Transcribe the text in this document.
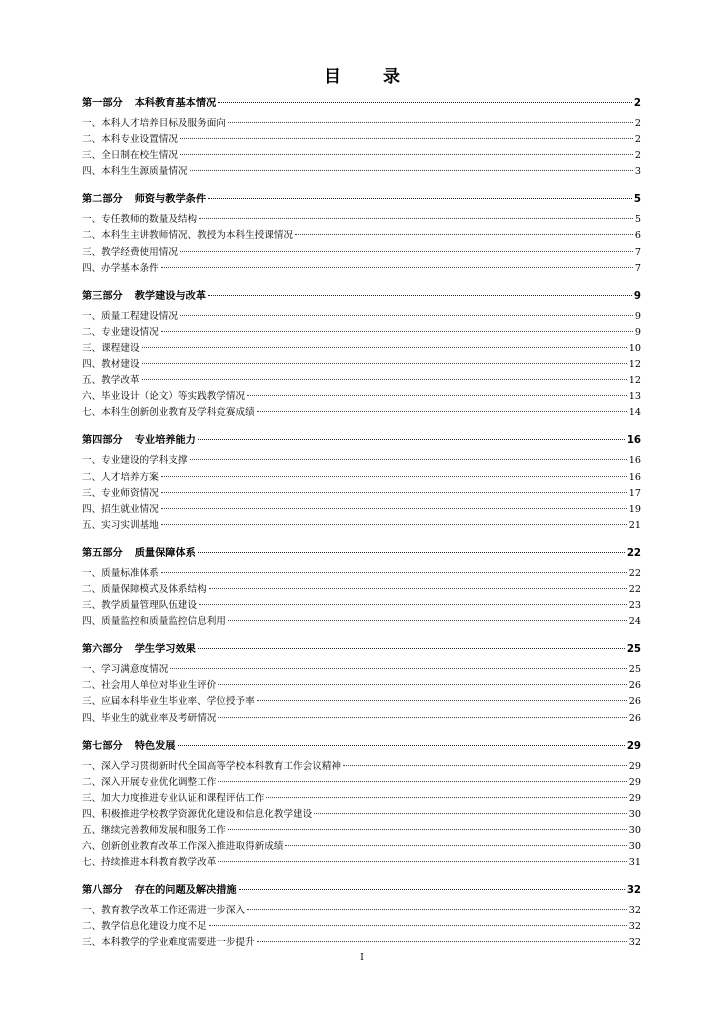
目 录
第一部分 本科教育基本情况	2
一、本科人才培养目标及服务面向	2
二、本科专业设置情况	2
三、全日制在校生情况	2
四、本科生生源质量情况	3
第二部分 师资与教学条件	5
一、专任教师的数量及结构	5
二、本科生主讲教师情况、教授为本科生授课情况	6
三、教学经费使用情况	7
四、办学基本条件	7
第三部分 教学建设与改革	9
一、质量工程建设情况	9
二、专业建设情况	9
三、课程建设	10
四、教材建设	12
五、教学改革	12
六、毕业设计（论文）等实践教学情况	13
七、本科生创新创业教育及学科竞赛成绩	14
第四部分 专业培养能力	16
一、专业建设的学科支撑	16
二、人才培养方案	16
三、专业师资情况	17
四、招生就业情况	19
五、实习实训基地	21
第五部分 质量保障体系	22
一、质量标准体系	22
二、质量保障模式及体系结构	22
三、教学质量管理队伍建设	23
四、质量监控和质量监控信息利用	24
第六部分 学生学习效果	25
一、学习满意度情况	25
二、社会用人单位对毕业生评价	26
三、应届本科毕业生毕业率、学位授予率	26
四、毕业生的就业率及考研情况	26
第七部分 特色发展	29
一、深入学习贯彻新时代全国高等学校本科教育工作会议精神	29
二、深入开展专业优化调整工作	29
三、加大力度推进专业认证和课程评估工作	29
四、积极推进学校教学资源优化建设和信息化教学建设	30
五、继续完善教师发展和服务工作	30
六、创新创业教育改革工作深入推进取得新成绩	30
七、持续推进本科教育教学改革	31
第八部分 存在的问题及解决措施	32
一、教育教学改革工作还需进一步深入	32
二、教学信息化建设力度不足	32
三、本科教学的学业难度需要进一步提升	32
I
